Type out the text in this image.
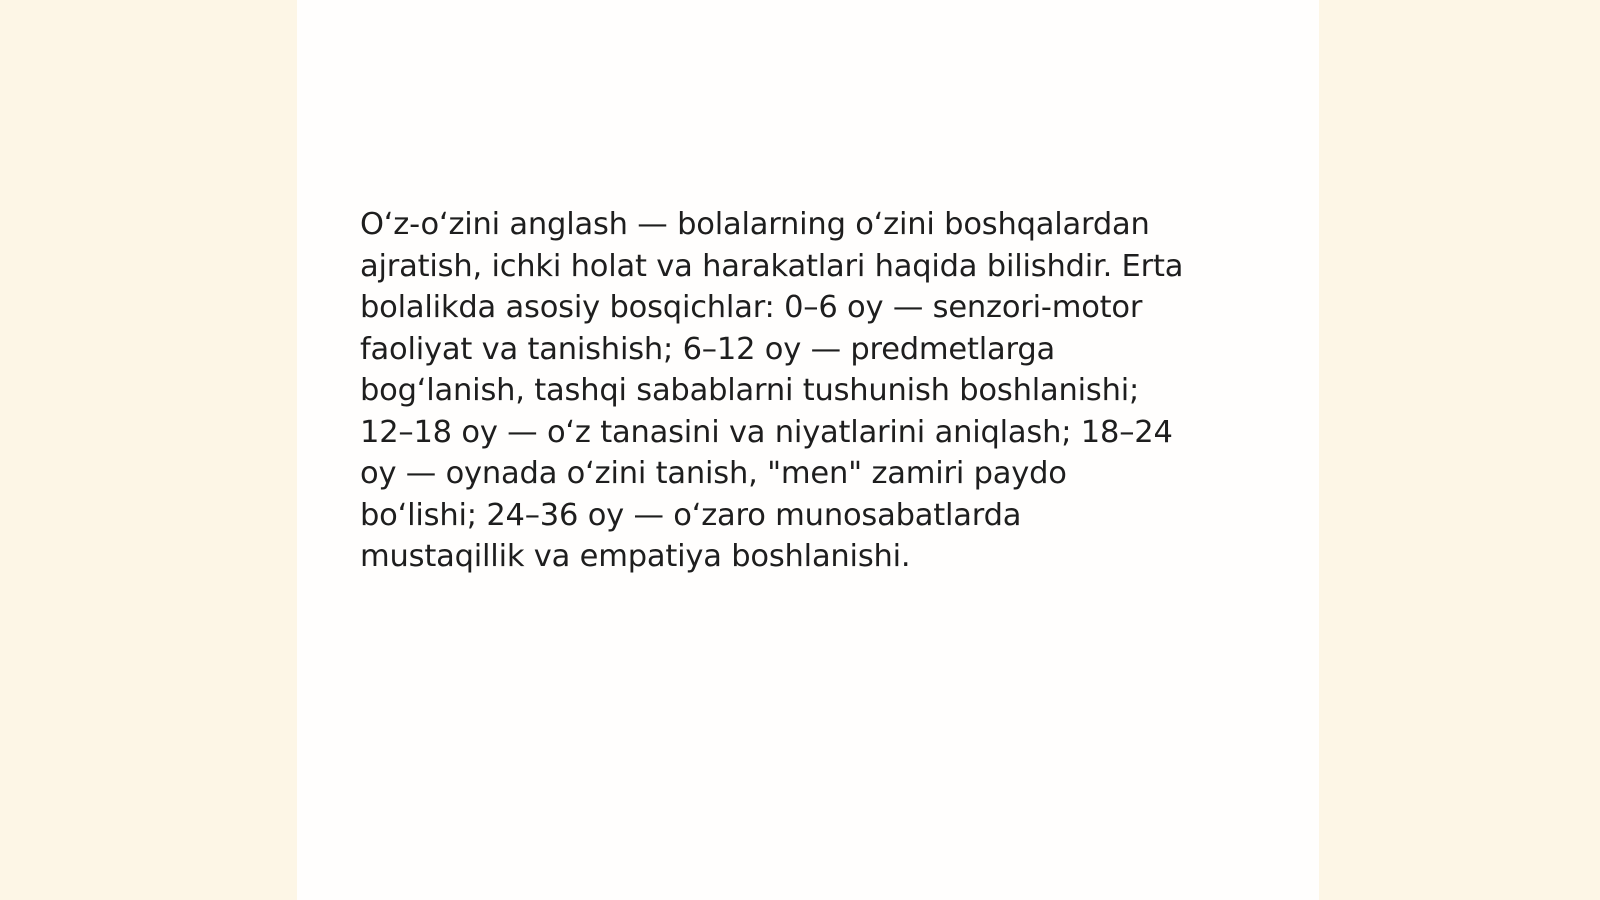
O‘z-o‘zini anglash — bolalarning o‘zini boshqalardan
ajratish, ichki holat va harakatlari haqida bilishdir. Erta
bolalikda asosiy bosqichlar: 0–6 oy — senzori-motor
faoliyat va tanishish; 6–12 oy — predmetlarga
bog‘lanish, tashqi sabablarni tushunish boshlanishi;
12–18 oy — o‘z tanasini va niyatlarini aniqlash; 18–24
oy — oynada o‘zini tanish, "men" zamiri paydo
bo‘lishi; 24–36 oy — o‘zaro munosabatlarda
mustaqillik va empatiya boshlanishi.
